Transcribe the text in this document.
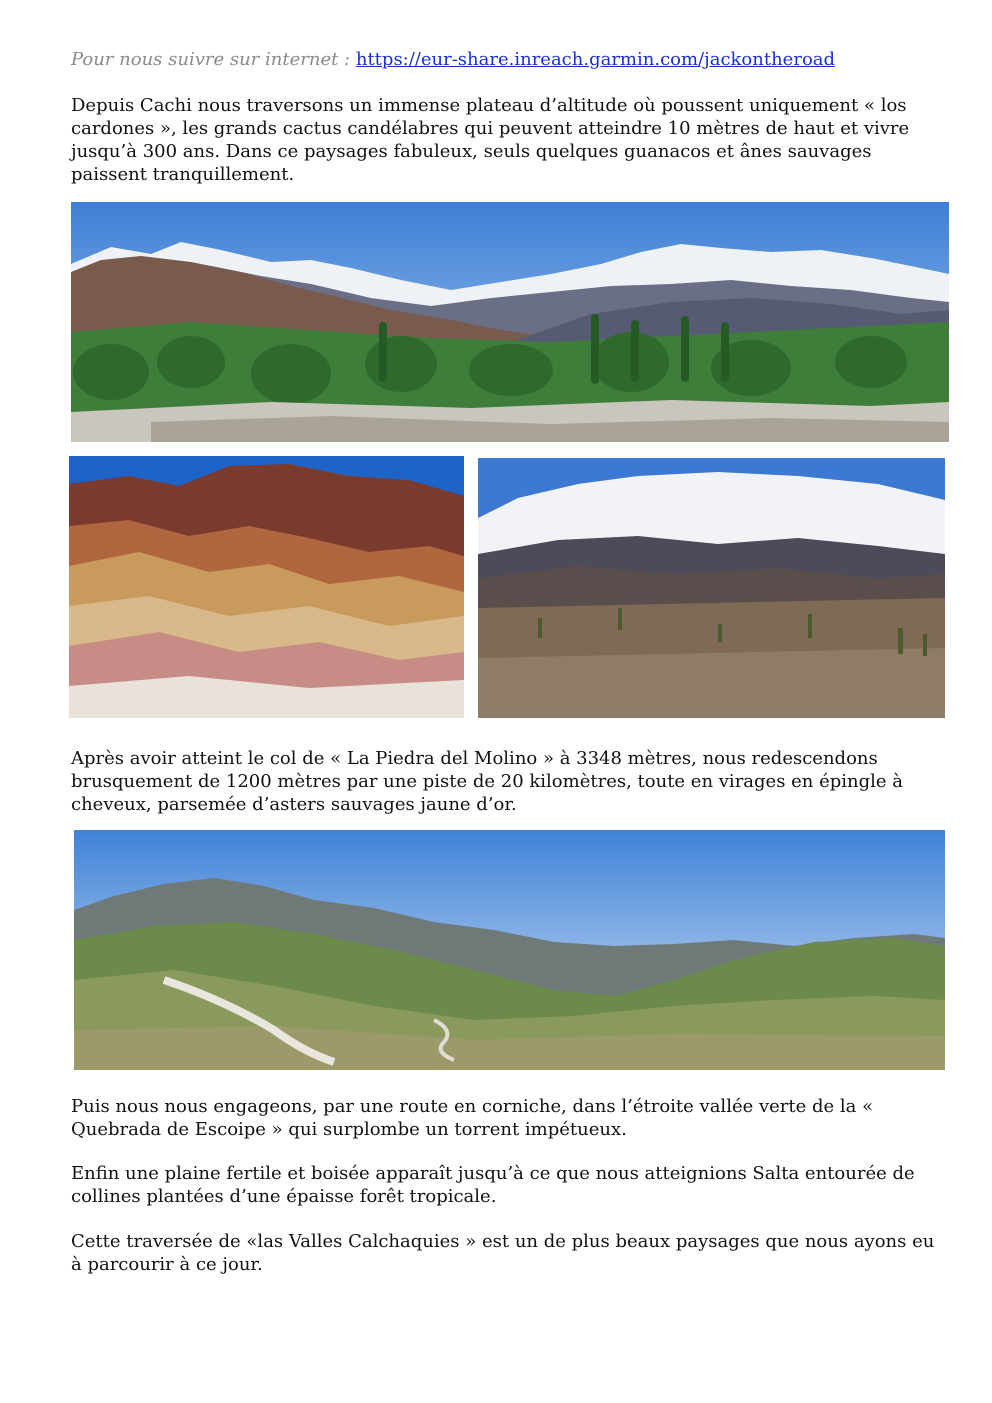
Pour nous suivre sur internet : https://eur-share.inreach.garmin.com/jackontheroad

Depuis Cachi nous traversons un immense plateau d’altitude où poussent uniquement « los cardones », les grands cactus candélabres qui peuvent atteindre 10 mètres de haut et vivre jusqu’à 300 ans. Dans ce paysages fabuleux, seuls quelques guanacos et ânes sauvages paissent tranquillement.

Après avoir atteint le col de « La Piedra del Molino » à 3348 mètres, nous redescendons brusquement de 1200 mètres par une piste de 20 kilomètres, toute en virages en épingle à cheveux, parsemée d’asters sauvages jaune d’or.

Puis nous nous engageons, par une route en corniche, dans l’étroite vallée verte de la « Quebrada de Escoipe » qui surplombe un torrent impétueux.

Enfin une plaine fertile et boisée apparaît jusqu’à ce que nous atteignions Salta entourée de collines plantées d’une épaisse forêt tropicale.

Cette traversée de «las Valles Calchaquies » est un de plus beaux paysages que nous ayons eu à parcourir à ce jour.
